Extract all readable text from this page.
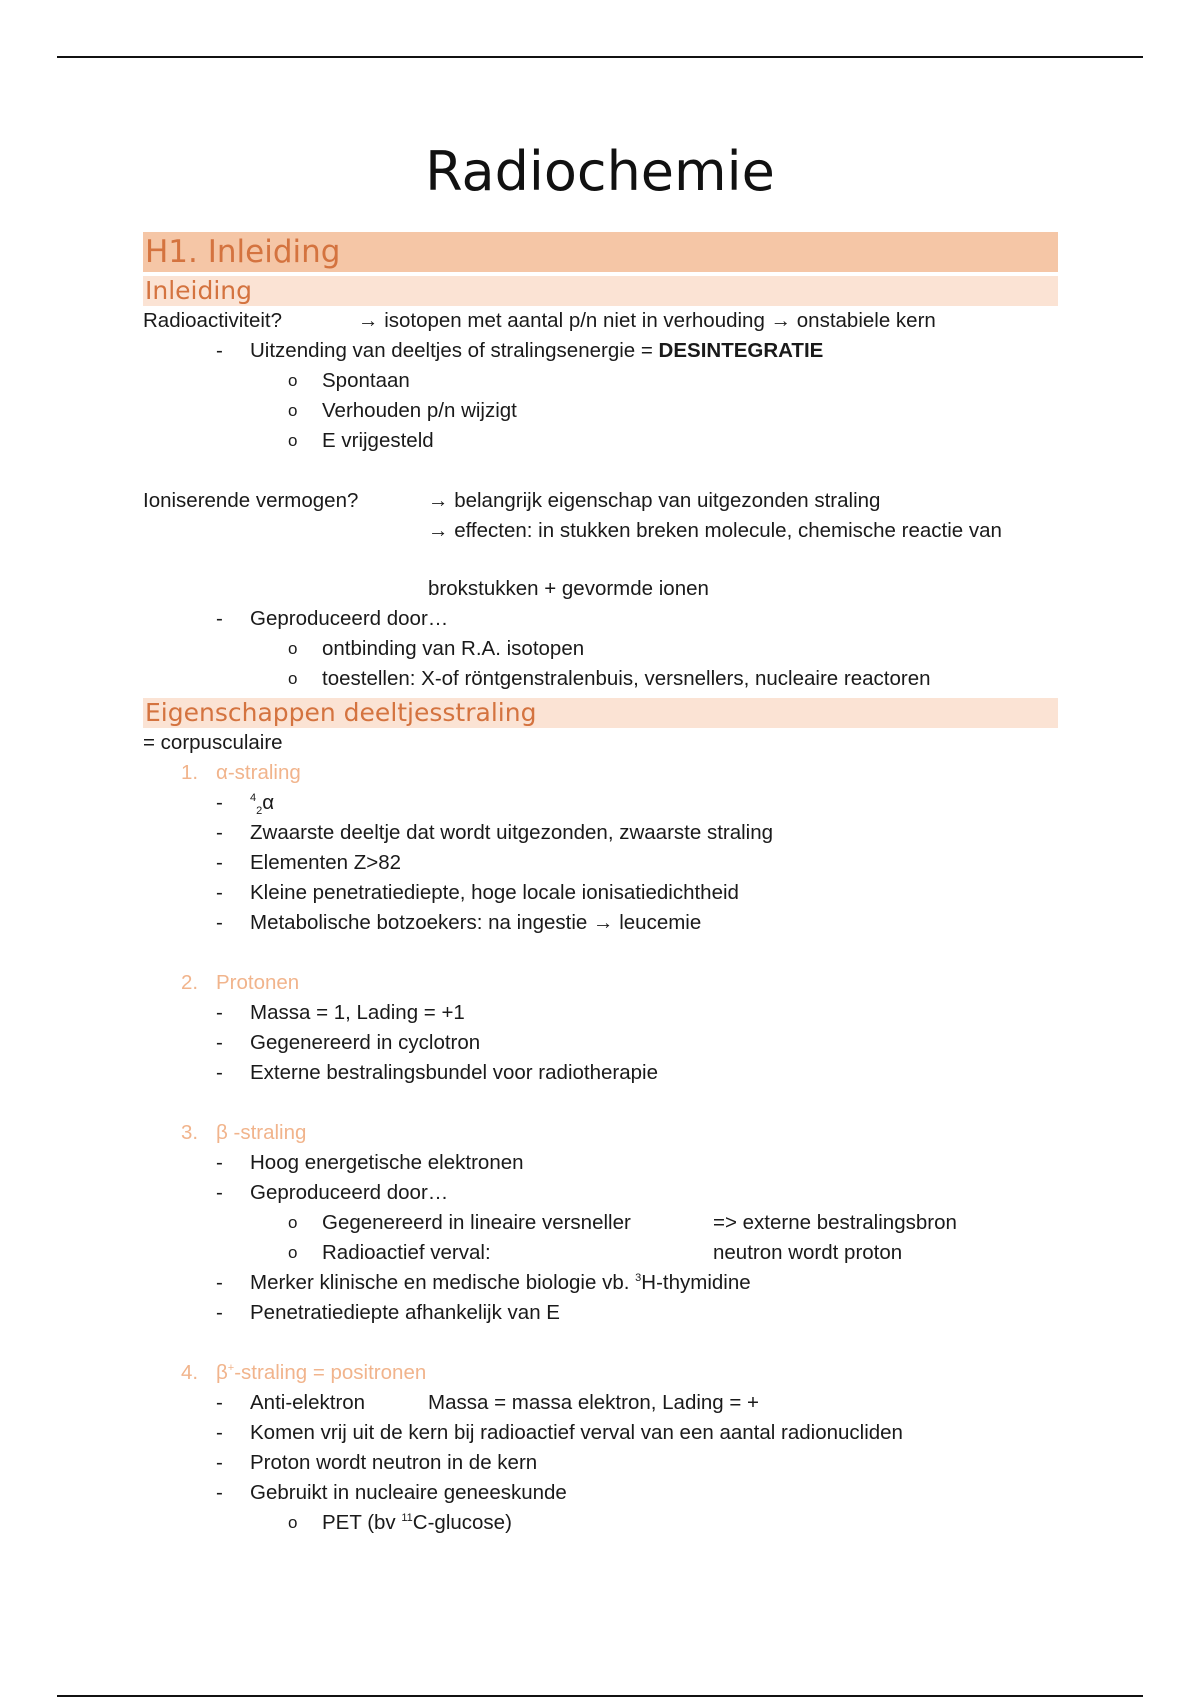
Radiochemie
H1. Inleiding
Inleiding
Radioactiviteit?	→ isotopen met aantal p/n niet in verhouding → onstabiele kern
- Uitzending van deeltjes of stralingsenergie = DESINTEGRATIE
o Spontaan
o Verhouden p/n wijzigt
o E vrijgesteld
Ioniserende vermogen?	→ belangrijk eigenschap van uitgezonden straling
→ effecten: in stukken breken molecule, chemische reactie van
brokstukken + gevormde ionen
- Geproduceerd door…
o ontbinding van R.A. isotopen
o toestellen: X-of röntgenstralenbuis, versnellers, nucleaire reactoren
Eigenschappen deeltjesstraling
= corpusculaire
1. α-straling
- $^4_2$α
- Zwaarste deeltje dat wordt uitgezonden, zwaarste straling
- Elementen Z>82
- Kleine penetratiediepte, hoge locale ionisatiedichtheid
- Metabolische botzoekers: na ingestie → leucemie
2. Protonen
- Massa = 1, Lading = +1
- Gegenereerd in cyclotron
- Externe bestralingsbundel voor radiotherapie
3. β -straling
- Hoog energetische elektronen
- Geproduceerd door…
o Gegenereerd in lineaire versneller	=> externe bestralingsbron
o Radioactief verval:	neutron wordt proton
- Merker klinische en medische biologie vb. $^3$H-thymidine
- Penetratiediepte afhankelijk van E
4. β+-straling = positronen
- Anti-elektron	Massa = massa elektron, Lading = +
- Komen vrij uit de kern bij radioactief verval van een aantal radionucliden
- Proton wordt neutron in de kern
- Gebruikt in nucleaire geneeskunde
o PET (bv $^{11}$C-glucose)
